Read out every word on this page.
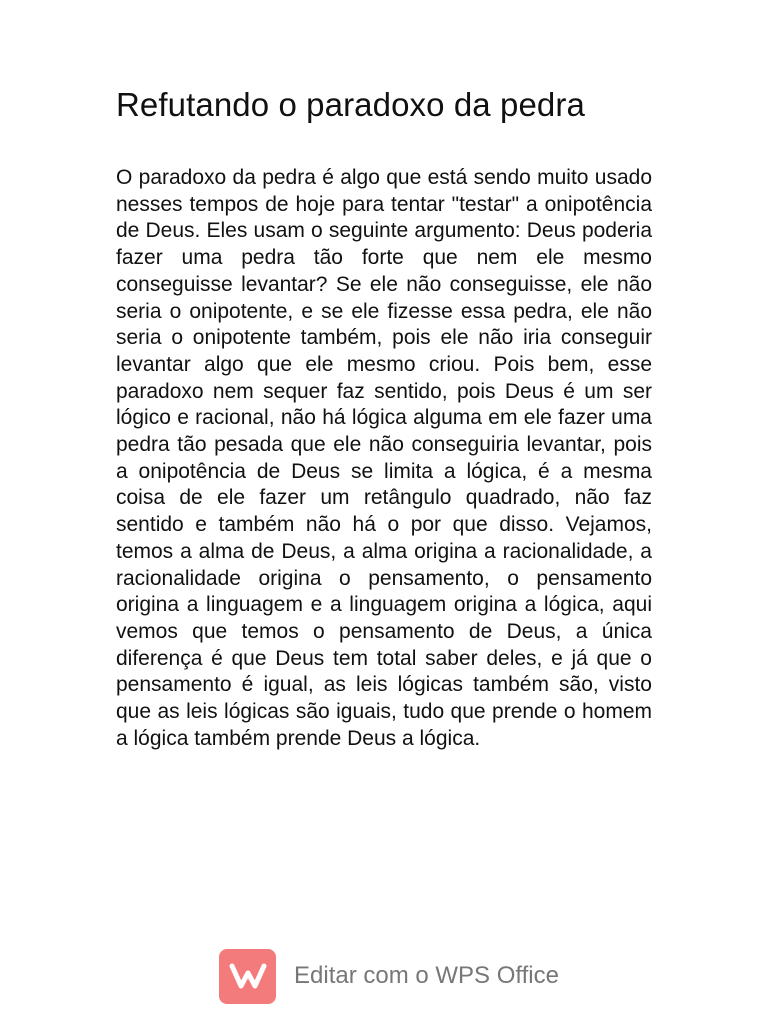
Refutando o paradoxo da pedra

O paradoxo da pedra é algo que está sendo muito usado nesses tempos de hoje para tentar "testar" a onipotência de Deus. Eles usam o seguinte argumento: Deus poderia fazer uma pedra tão forte que nem ele mesmo conseguisse levantar? Se ele não conseguisse, ele não seria o onipotente, e se ele fizesse essa pedra, ele não seria o onipotente também, pois ele não iria conseguir levantar algo que ele mesmo criou. Pois bem, esse paradoxo nem sequer faz sentido, pois Deus é um ser lógico e racional, não há lógica alguma em ele fazer uma pedra tão pesada que ele não conseguiria levantar, pois a onipotência de Deus se limita a lógica, é a mesma coisa de ele fazer um retângulo quadrado, não faz sentido e também não há o por que disso. Vejamos, temos a alma de Deus, a alma origina a racionalidade, a racionalidade origina o pensamento, o pensamento origina a linguagem e a linguagem origina a lógica, aqui vemos que temos o pensamento de Deus, a única diferença é que Deus tem total saber deles, e já que o pensamento é igual, as leis lógicas também são, visto que as leis lógicas são iguais, tudo que prende o homem a lógica também prende Deus a lógica.

Editar com o WPS Office
